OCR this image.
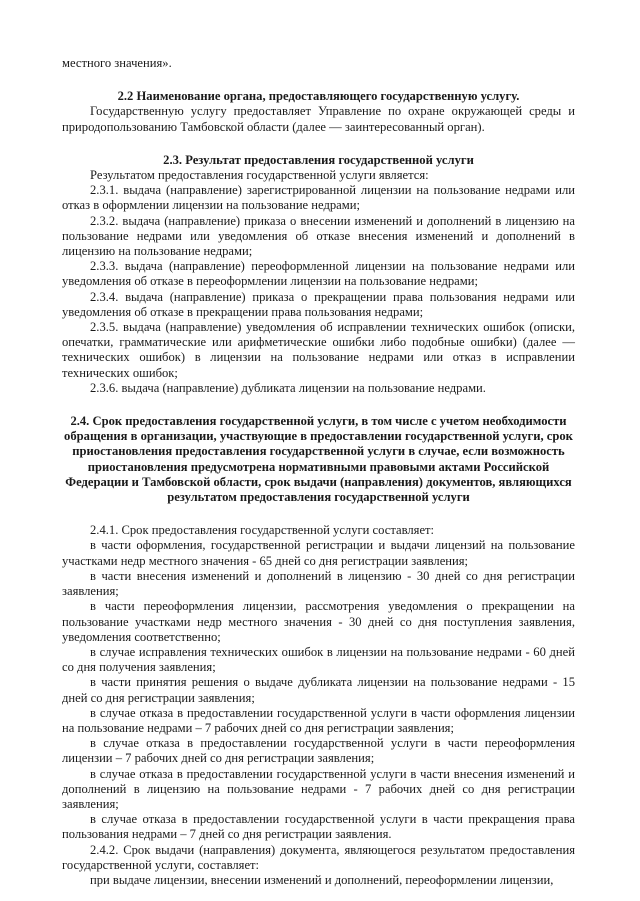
местного значения».

2.2 Наименование органа, предоставляющего государственную услугу.

Государственную услугу предоставляет Управление по охране окружающей среды и природопользованию Тамбовской области (далее — заинтересованный орган).

2.3. Результат предоставления государственной услуги

Результатом предоставления государственной услуги является:

2.3.1. выдача (направление) зарегистрированной лицензии на пользование недрами или отказ в оформлении лицензии на пользование недрами;

2.3.2. выдача (направление) приказа о внесении изменений и дополнений в лицензию на пользование недрами или уведомления об отказе внесения изменений и дополнений в лицензию на пользование недрами;

2.3.3. выдача (направление) переоформленной лицензии на пользование недрами или уведомления об отказе в переоформлении лицензии на пользование недрами;

2.3.4. выдача (направление) приказа о прекращении права пользования недрами или уведомления об отказе в прекращении права пользования недрами;

2.3.5. выдача (направление) уведомления об исправлении технических ошибок (описки, опечатки, грамматические или арифметические ошибки либо подобные ошибки) (далее — технических ошибок) в лицензии на пользование недрами или отказ в исправлении технических ошибок;

2.3.6. выдача (направление) дубликата лицензии на пользование недрами.

2.4. Срок предоставления государственной услуги, в том числе с учетом необходимости обращения в организации, участвующие в предоставлении государственной услуги, срок приостановления предоставления государственной услуги в случае, если возможность приостановления предусмотрена нормативными правовыми актами Российской Федерации и Тамбовской области, срок выдачи (направления) документов, являющихся результатом предоставления государственной услуги

2.4.1. Срок предоставления государственной услуги составляет:

в части оформления, государственной регистрации и выдачи лицензий на пользование участками недр местного значения - 65 дней со дня регистрации заявления;

в части внесения изменений и дополнений в лицензию - 30 дней со дня регистрации заявления;

в части переоформления лицензии, рассмотрения уведомления о прекращении на пользование участками недр местного значения - 30 дней со дня поступления заявления, уведомления соответственно;

в случае исправления технических ошибок в лицензии на пользование недрами - 60 дней со дня получения заявления;

в части принятия решения о выдаче дубликата лицензии на пользование недрами - 15 дней со дня регистрации заявления;

в случае отказа в предоставлении государственной услуги в части оформления лицензии на пользование недрами – 7 рабочих дней со дня регистрации заявления;

в случае отказа в предоставлении государственной услуги в части переоформления лицензии – 7 рабочих дней со дня регистрации заявления;

в случае отказа в предоставлении государственной услуги в части внесения изменений и дополнений в лицензию на пользование недрами - 7 рабочих дней со дня регистрации заявления;

в случае отказа в предоставлении государственной услуги в части прекращения права пользования недрами – 7 дней со дня регистрации заявления.

2.4.2. Срок выдачи (направления) документа, являющегося результатом предоставления государственной услуги, составляет:

при выдаче лицензии, внесении изменений и дополнений, переоформлении лицензии,
